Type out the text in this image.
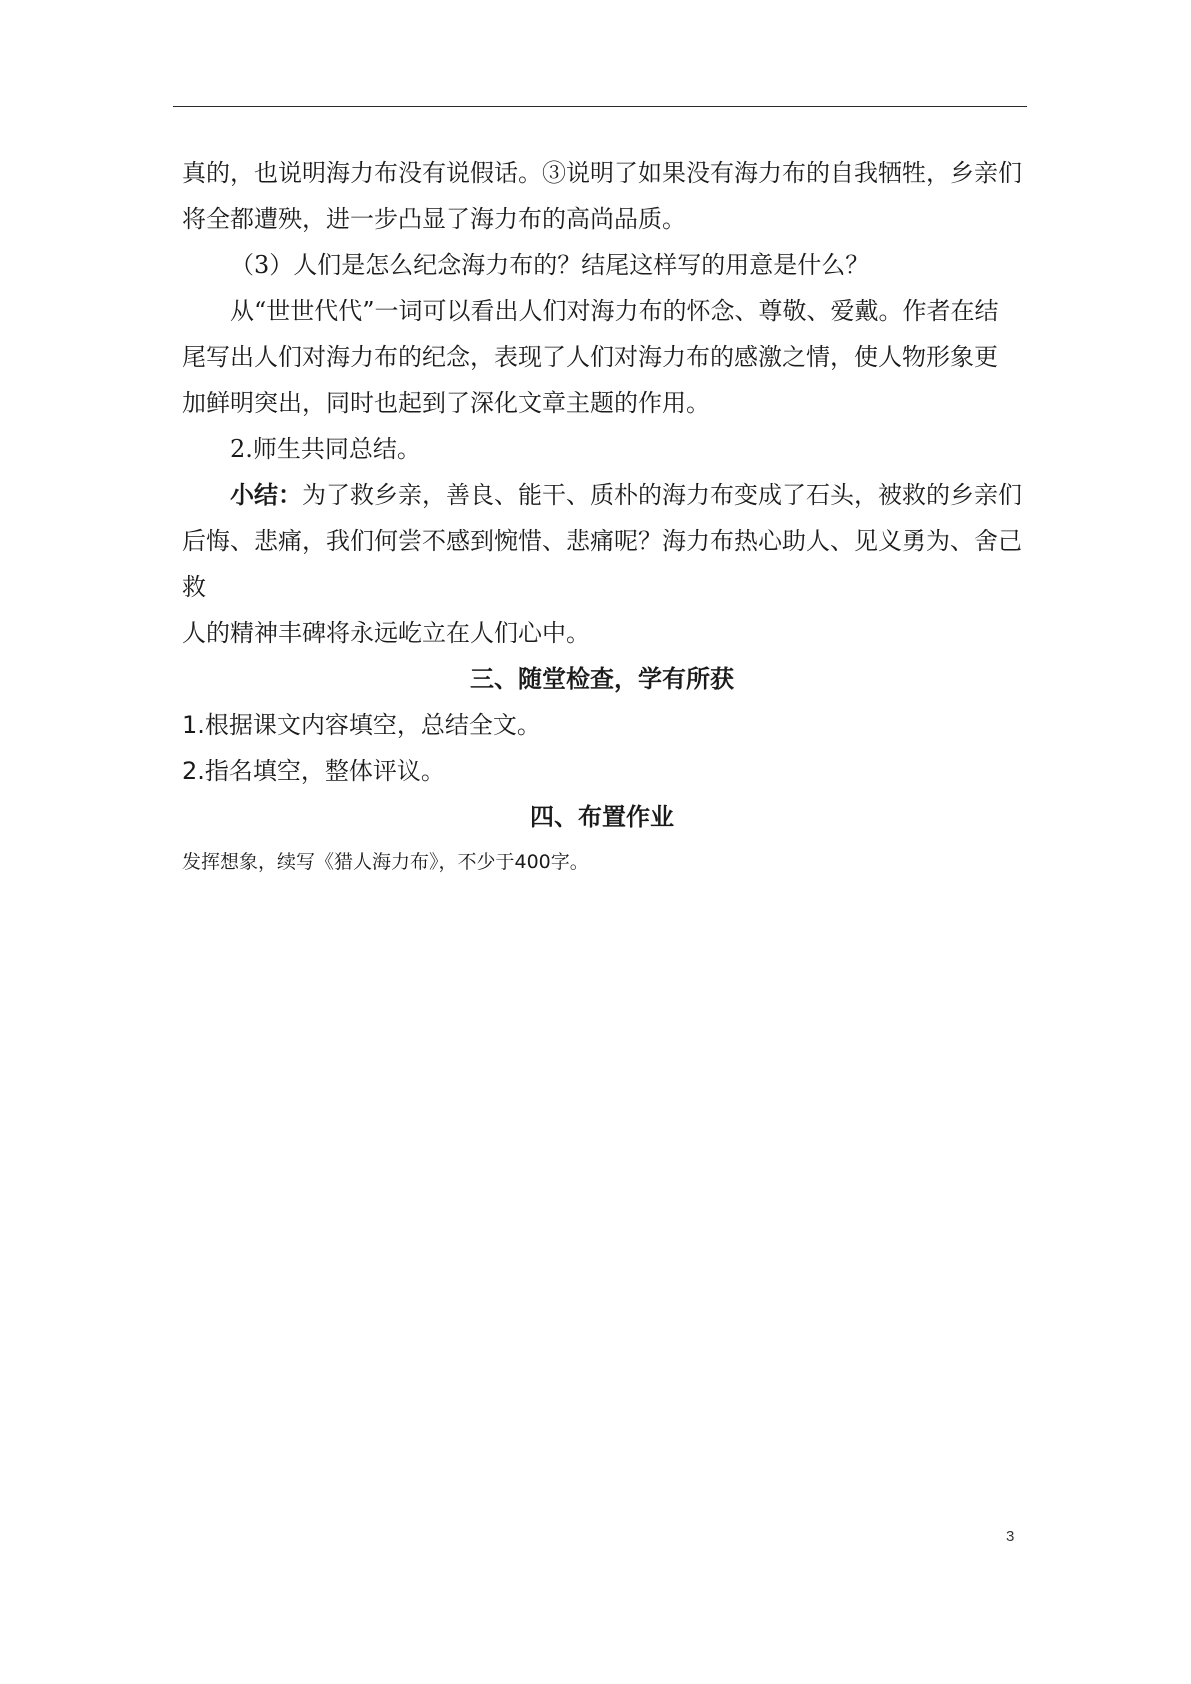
真的，也说明海力布没有说假话。③说明了如果没有海力布的自我牺牲，乡亲们

将全都遭殃，进一步凸显了海力布的高尚品质。

（3）人们是怎么纪念海力布的？结尾这样写的用意是什么？

从“世世代代”一词可以看出人们对海力布的怀念、尊敬、爱戴。作者在结

尾写出人们对海力布的纪念，表现了人们对海力布的感激之情，使人物形象更

加鲜明突出，同时也起到了深化文章主题的作用。

2.师生共同总结。

小结：为了救乡亲，善良、能干、质朴的海力布变成了石头，被救的乡亲们

后悔、悲痛，我们何尝不感到惋惜、悲痛呢？海力布热心助人、见义勇为、舍己救

人的精神丰碑将永远屹立在人们心中。

三、随堂检查，学有所获

1.根据课文内容填空，总结全文。

2.指名填空，整体评议。

四、布置作业

发挥想象，续写《猎人海力布》，不少于400字。

3
